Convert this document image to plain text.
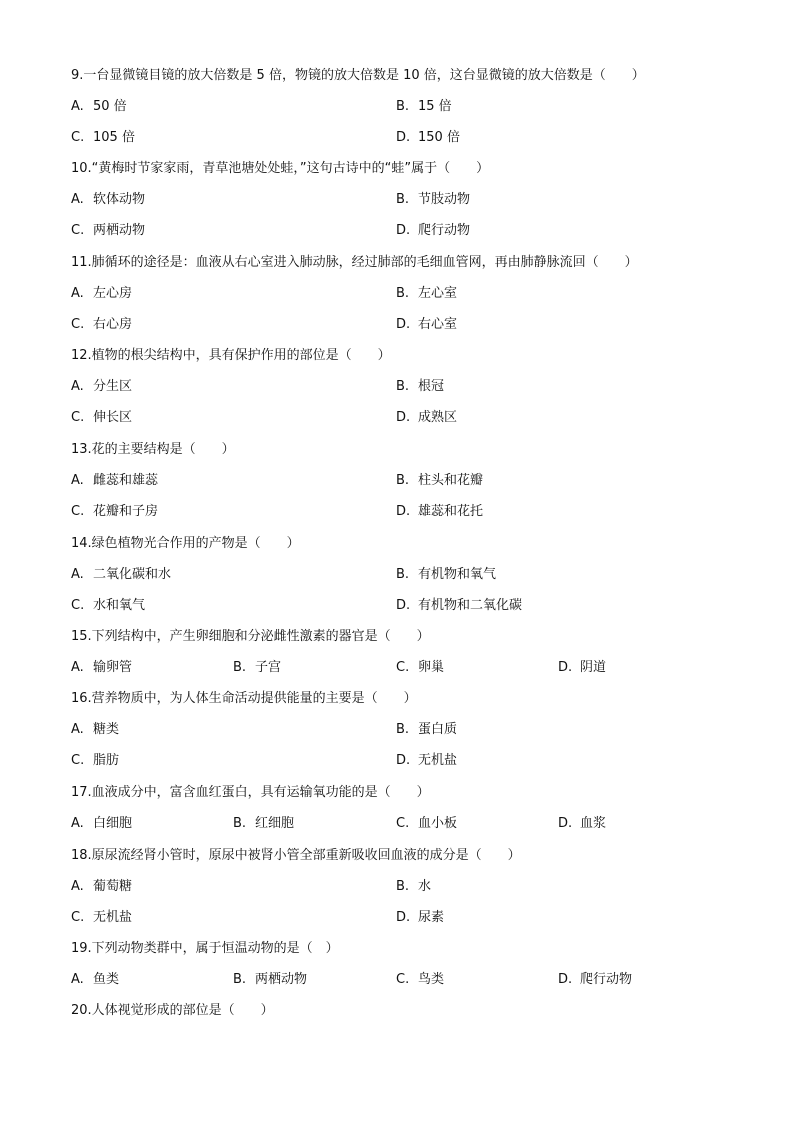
9.一台显微镜目镜的放大倍数是 5 倍，物镜的放大倍数是 10 倍，这台显微镜的放大倍数是（　　）
A. 50 倍	B. 15 倍
C. 105 倍	D. 150 倍
10.“黄梅时节家家雨，青草池塘处处蛙，”这句古诗中的“蛙”属于（　　）
A. 软体动物	B. 节肢动物
C. 两栖动物	D. 爬行动物
11.肺循环的途径是：血液从右心室进入肺动脉，经过肺部的毛细血管网，再由肺静脉流回（　　）
A. 左心房	B. 左心室
C. 右心房	D. 右心室
12.植物的根尖结构中，具有保护作用的部位是（　　）
A. 分生区	B. 根冠
C. 伸长区	D. 成熟区
13.花的主要结构是（　　）
A. 雌蕊和雄蕊	B. 柱头和花瓣
C. 花瓣和子房	D. 雄蕊和花托
14.绿色植物光合作用的产物是（　　）
A. 二氧化碳和水	B. 有机物和氧气
C. 水和氧气	D. 有机物和二氧化碳
15.下列结构中，产生卵细胞和分泌雌性激素的器官是（　　）
A. 输卵管	B. 子宫	C. 卵巢	D. 阴道
16.营养物质中，为人体生命活动提供能量的主要是（　　）
A. 糖类	B. 蛋白质
C. 脂肪	D. 无机盐
17.血液成分中，富含血红蛋白，具有运输氧功能的是（　　）
A. 白细胞	B. 红细胞	C. 血小板	D. 血浆
18.原尿流经肾小管时，原尿中被肾小管全部重新吸收回血液的成分是（　　）
A. 葡萄糖	B. 水
C. 无机盐	D. 尿素
19.下列动物类群中，属于恒温动物的是（　）
A. 鱼类	B. 两栖动物	C. 鸟类	D. 爬行动物
20.人体视觉形成的部位是（　　）
